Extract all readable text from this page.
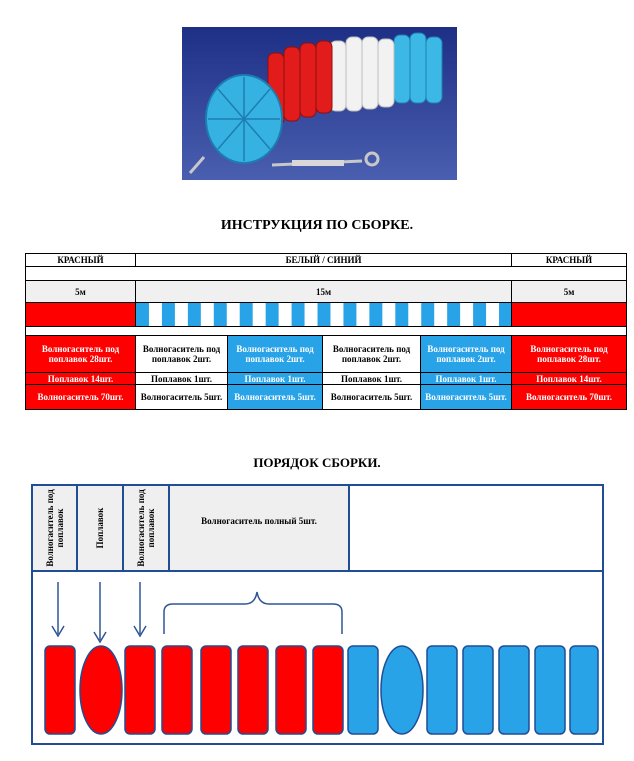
ИНСТРУКЦИЯ ПО СБОРКЕ.
КРАСНЫЙ	БЕЛЫЙ / СИНИЙ				КРАСНЫЙ

5м	15м				5м

Волногаситель под поплавок 28шт.	Волногаситель под поплавок 2шт.	Волногаситель под поплавок 2шт.	Волногаситель под поплавок 2шт.	Волногаситель под поплавок 2шт.	Волногаситель под поплавок 28шт.
Поплавок 14шт.	Поплавок 1шт.	Поплавок 1шт.	Поплавок 1шт.	Поплавок 1шт.	Поплавок 14шт.
Волногаситель 70шт.	Волногаситель 5шт.	Волногаситель 5шт.	Волногаситель 5шт.	Волногаситель 5шт.	Волногаситель 70шт.
ПОРЯДОК СБОРКИ.
Волногаситель под поплавок	Поплавок	Волногаситель под поплавок	Волногаситель полный 5шт.
